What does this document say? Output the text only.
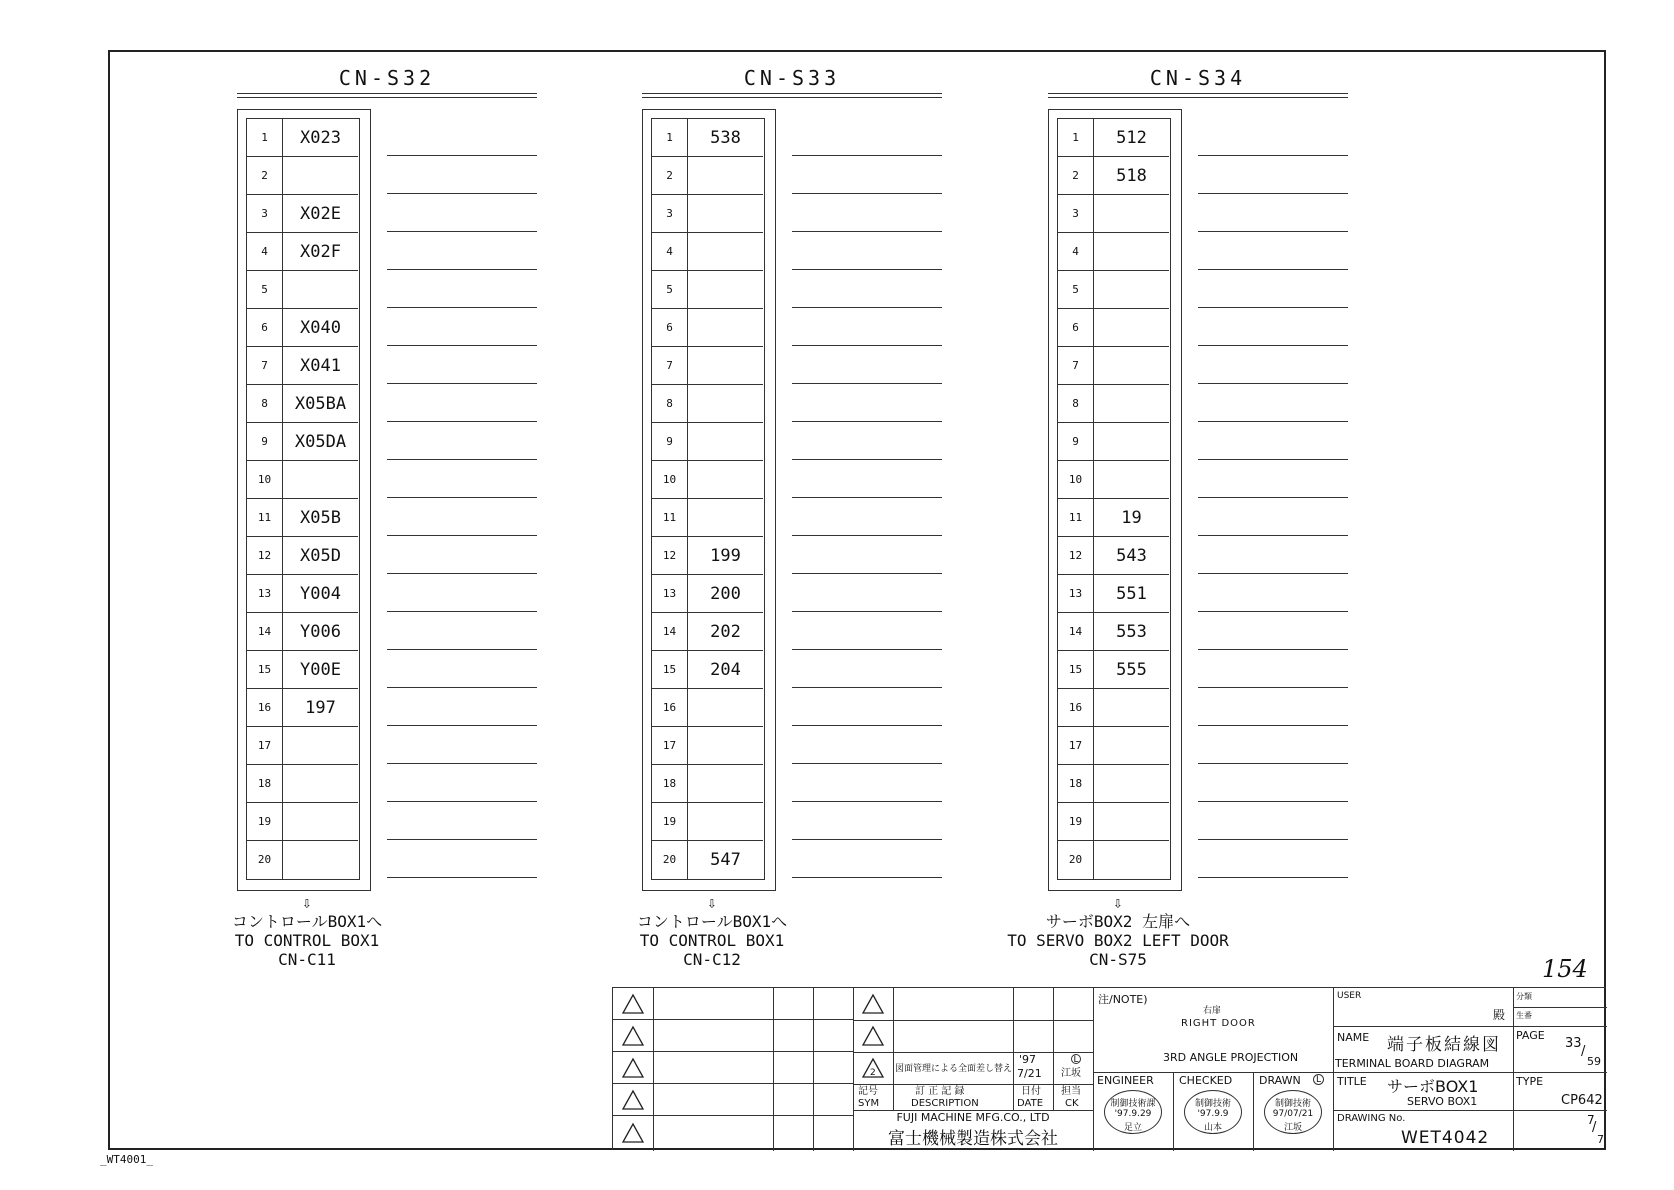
CN-S32
1	X023
2
3	X02E
4	X02F
5
6	X040
7	X041
8	X05BA
9	X05DA
10
11	X05B
12	X05D
13	Y004
14	Y006
15	Y00E
16	197
17
18
19
20
⇩
コントロールBOX1へ
TO CONTROL BOX1
CN-C11
CN-S33
1	538
2
3
4
5
6
7
8
9
10
11
12	199
13	200
14	202
15	204
16
17
18
19
20	547
⇩
コントロールBOX1へ
TO CONTROL BOX1
CN-C12
CN-S34
1	512
2	518
3
4
5
6
7
8
9
10
11	19
12	543
13	551
14	553
15	555
16
17
18
19
20
⇩
サーボBOX2 左扉へ
TO SERVO BOX2 LEFT DOOR
CN-S75	154
_WT4001_
2 図面管理による全面差し替え
'97
7/21
L
江坂
記号
SYM
訂 正 記 録
DESCRIPTION
日付
DATE
担当
CK
FUJI MACHINE MFG.CO., LTD
富士機械製造株式会社
注/NOTE)
右扉
RIGHT DOOR
3RD ANGLE PROJECTION
ENGINEER CHECKED DRAWN	L
制御技術課
'97.9.29
足立
制御技術
'97.9.9
山本
制御技術
97/07/21
江坂
USER
殿
分類
生番
NAME 端子板結線図
TERMINAL BOARD DIAGRAM
PAGE
33
/
59
TITLE サーボBOX1
SERVO BOX1
TYPE
CP642
DRAWING No.
WET4042
7
/
7
